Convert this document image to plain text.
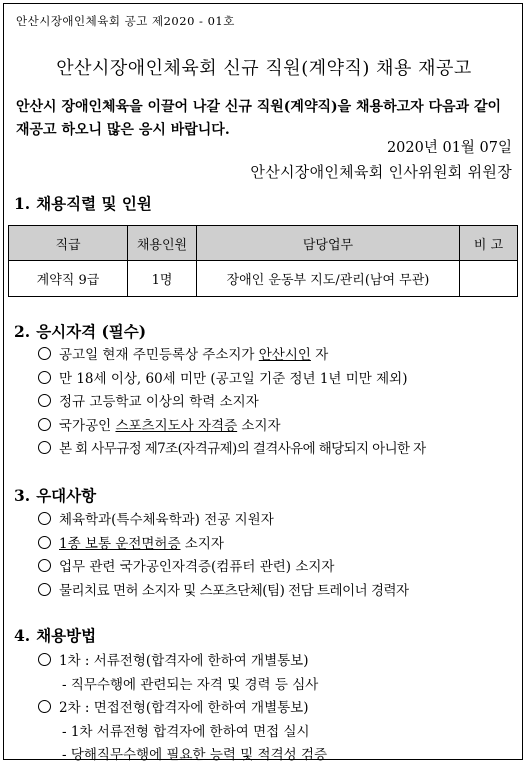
안산시장애인체육회 공고 제2020 - 01호
안산시장애인체육회 신규 직원(계약직) 채용 재공고
안산시 장애인체육을 이끌어 나갈 신규 직원(계약직)을 채용하고자 다음과 같이 재공고 하오니 많은 응시 바랍니다.
2020년 01월 07일
안산시장애인체육회 인사위원회 위원장
1. 채용직렬 및 인원
직급	채용인원	담당업무	비 고
계약직 9급	1명	장애인 운동부 지도/관리(남여 무관)	
2. 응시자격 (필수)
공고일 현재 주민등록상 주소지가 안산시인 자
만 18세 이상, 60세 미만 (공고일 기준 정년 1년 미만 제외)
정규 고등학교 이상의 학력 소지자
국가공인 스포츠지도사 자격증 소지자
본 회 사무규정 제7조(자격규제)의 결격사유에 해당되지 아니한 자
3. 우대사항
체육학과(특수체육학과) 전공 지원자
1종 보통 운전면허증 소지자
업무 관련 국가공인자격증(컴퓨터 관련) 소지자
물리치료 면허 소지자 및 스포츠단체(팀) 전담 트레이너 경력자
4. 채용방법
1차 : 서류전형(합격자에 한하여 개별통보)
- 직무수행에 관련되는 자격 및 경력 등 심사
2차 : 면접전형(합격자에 한하여 개별통보)
- 1차 서류전형 합격자에 한하여 면접 실시
- 당해직무수행에 필요한 능력 및 적격성 검증
